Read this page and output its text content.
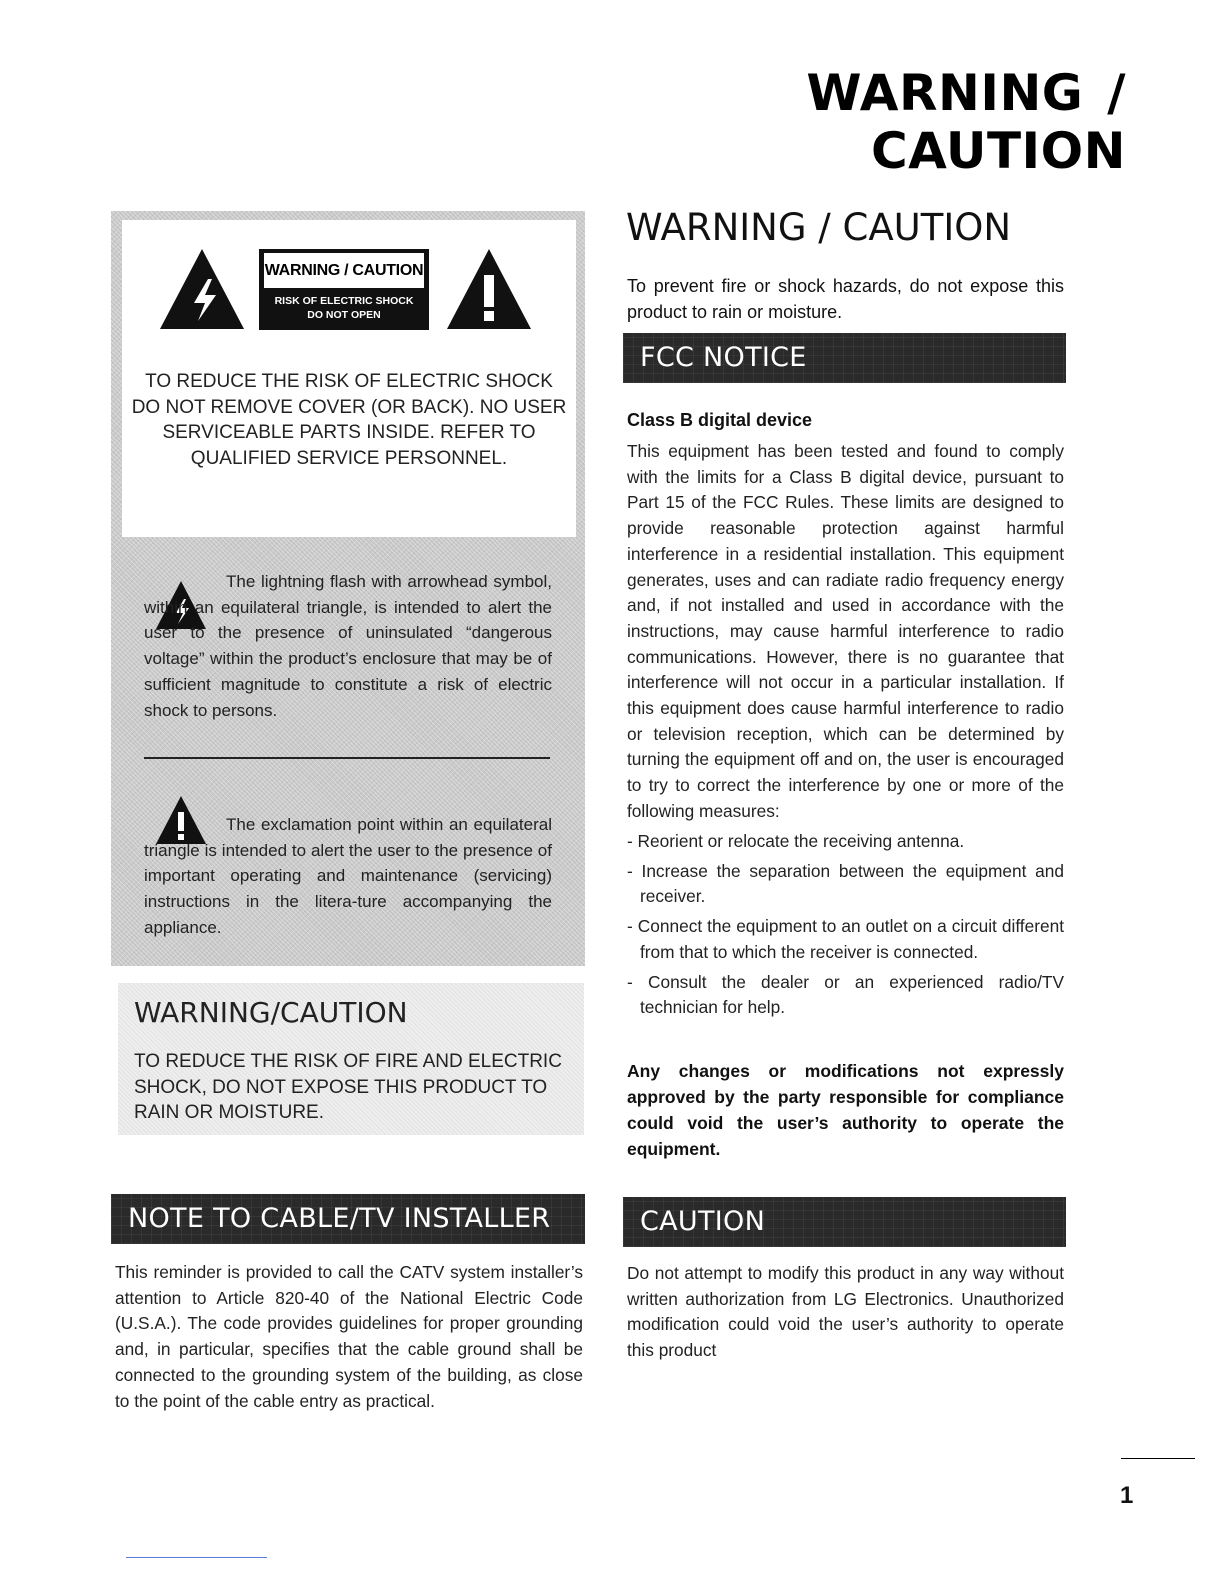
WARNING / CAUTION
WARNING / CAUTION
RISK OF ELECTRIC SHOCK
DO NOT OPEN
TO REDUCE THE RISK OF ELECTRIC SHOCK DO NOT REMOVE COVER (OR BACK). NO USER SERVICEABLE PARTS INSIDE. REFER TO QUALIFIED SERVICE PERSONNEL.
The lightning flash with arrowhead symbol, within an equilateral triangle, is intended to alert the user to the presence of uninsulated “dangerous voltage” within the product’s enclosure that may be of sufficient magnitude to constitute a risk of electric shock to persons.
The exclamation point within an equilateral triangle is intended to alert the user to the presence of important operating and maintenance (servicing) instructions in the litera-ture accompanying the appliance.
WARNING/CAUTION
TO REDUCE THE RISK OF FIRE AND ELECTRIC SHOCK, DO NOT EXPOSE THIS PRODUCT TO RAIN OR MOISTURE.
WARNING / CAUTION
To prevent fire or shock hazards, do not expose this product to rain or moisture.
FCC NOTICE
Class B digital device
This equipment has been tested and found to comply with the limits for a Class B digital device, pursuant to Part 15 of the FCC Rules. These limits are designed to provide reasonable protection against harmful interference in a residential installation. This equipment generates, uses and can radiate radio frequency energy and, if not installed and used in accordance with the instructions, may cause harmful interference to radio communications. However, there is no guarantee that interference will not occur in a particular installation. If this equipment does cause harmful interference to radio or television reception, which can be determined by turning the equipment off and on, the user is encouraged to try to correct the interference by one or more of the following measures:
- Reorient or relocate the receiving antenna.
- Increase the separation between the equipment and receiver.
- Connect the equipment to an outlet on a circuit different from that to which the receiver is connected.
- Consult the dealer or an experienced radio/TV technician for help.
Any changes or modifications not expressly approved by the party responsible for compliance could void the user’s authority to operate the equipment.
NOTE TO CABLE/TV INSTALLER
This reminder is provided to call the CATV system installer’s attention to Article 820-40 of the National Electric Code (U.S.A.). The code provides guidelines for proper grounding and, in particular, specifies that the cable ground shall be connected to the grounding system of the building, as close to the point of the cable entry as practical.
CAUTION
Do not attempt to modify this product in any way without written authorization from LG Electronics. Unauthorized modification could void the user’s authority to operate this product
1
